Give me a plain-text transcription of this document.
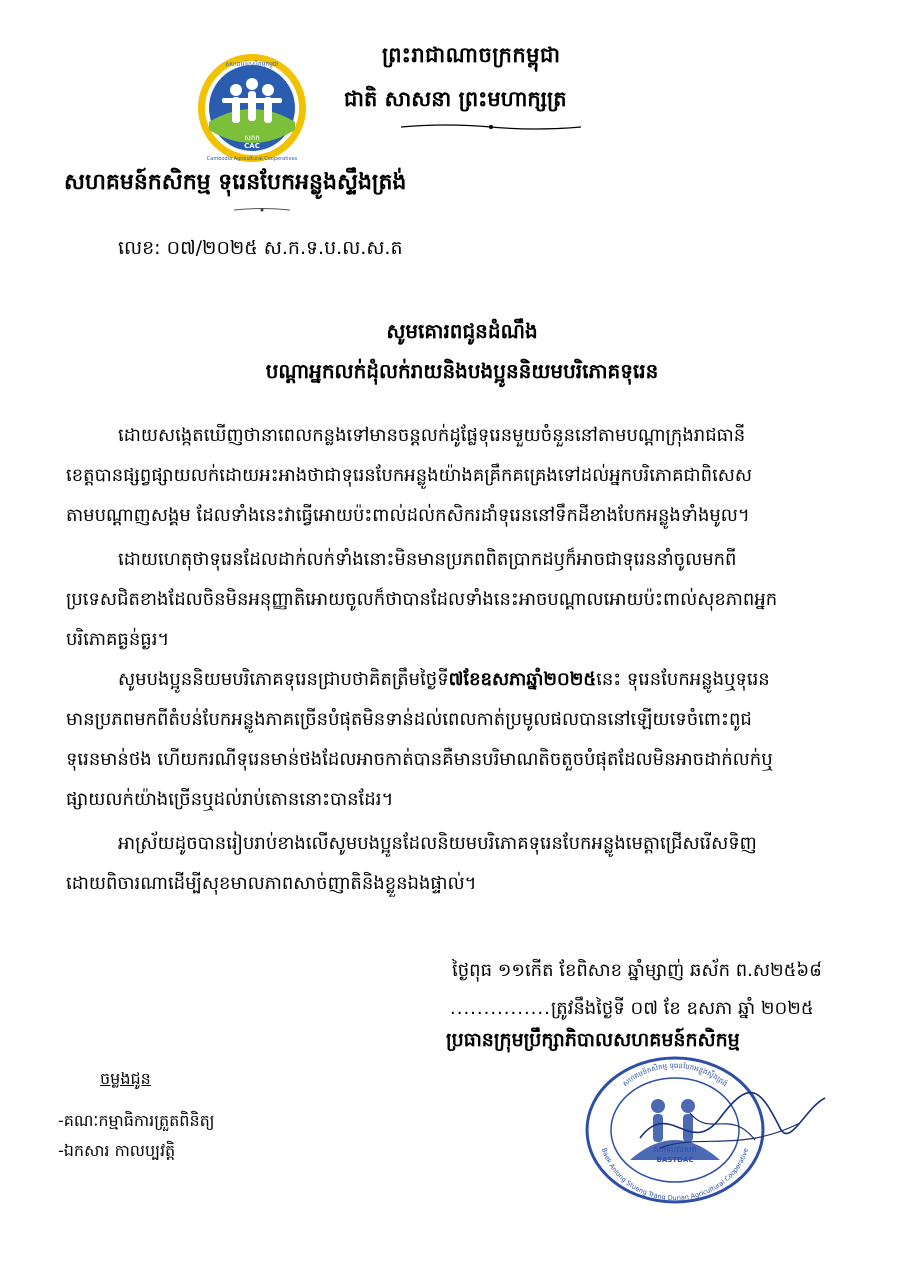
សកក
CAC
សហគមន៍កសិកម្មកម្ពុជា
Cambodia Agricultural Cooperatives
ព្រះរាជាណាចក្រកម្ពុជា
ជាតិ សាសនា ព្រះមហាក្សត្រ
សហគមន៍កសិកម្ម ទុរេនបែកអន្លូងស្ទឹងត្រង់
លេខ: ០៧/២០២៥ ស.ក.ទ.ប.ល.ស.ត
សូមគោរពជូនដំណឹង
បណ្តាអ្នកលក់ដុំលក់រាយនិងបងប្អូននិយមបរិភោគទុរេន
ដោយសង្កេតឃើញថានាពេលកន្លងទៅមានចន្តលក់ដូផ្លែទុរេនមួយចំនួននៅតាមបណ្តាក្រុងរាជធានី
ខេត្តបានផ្សព្វផ្សាយលក់ដោយអះអាងថាជាទុរេនបែកអន្លូងយ៉ាងគគ្រឹកគគ្រេងទៅដល់អ្នកបរិភោគជាពិសេស
តាមបណ្តាញសង្គម ដែលទាំងនេះវាធ្វើអោយប៉ះពាល់ដល់កសិករដាំទុរេននៅទឹកដីខាងបែកអន្លូងទាំងមូល។
ដោយហេតុថាទុរេនដែលដាក់លក់ទាំងនោះមិនមានប្រភពពិតប្រាកដឫក៏អាចជាទុរេននាំចូលមកពី
ប្រទេសជិតខាងដែលចិនមិនអនុញ្ញាតិអោយចូលក៏ថាបានដែលទាំងនេះអាចបណ្តាលអោយប៉ះពាល់សុខភាពអ្នក
បរិភោគធ្ងន់ធ្ងរ។
សូមបងប្អូននិយមបរិភោគទុរេនជ្រាបថាគិតត្រឹមថ្ងៃទី៧ខែឧសភាឆ្នាំ២០២៥នេះ ទុរេនបែកអន្លូងឬទុរេន
មានប្រភពមកពីតំបន់បែកអន្លូងភាគច្រើនបំផុតមិនទាន់ដល់ពេលកាត់ប្រមូលផលបាននៅឡើយទេចំពោះពូជ
ទុរេនមាន់ថង ហើយករណីទុរេនមាន់ថងដែលអាចកាត់បានគឺមានបរិមាណតិចតួចបំផុតដែលមិនអាចដាក់លក់ឬ
ផ្សាយលក់យ៉ាងច្រើនឬដល់រាប់តោននោះបានដែរ។
អាស្រ័យដូចបានរៀបរាប់ខាងលើសូមបងប្អូនដែលនិយមបរិភោគទុរេនបែកអន្លូងមេត្តាជ្រើសរើសទិញ
ដោយពិចារណាដើម្បីសុខមាលភាពសាច់ញាតិនិងខ្លួនឯងផ្ទាល់។
ថ្ងៃពុធ ១១កើត ខែពិសាខ ឆ្នាំម្សាញ់ ឆស័ក ព.ស២៥៦៨
...............ត្រូវនឹងថ្ងៃទី ០៧ ខែ ឧសភា ឆ្នាំ ២០២៥
ប្រធានក្រុមប្រឹក្សាភិបាលសហគមន៍កសិកម្ម
សហគមន៍កសិកម្ម ទុរេនបែកអន្លូងស្ទឹងត្រង់
សកទបលសត
BASTDAC
Baek Anlong Stueng Trang Durian Agricultural Cooperative
ចម្លងជូន
-គណៈកម្មាធិការត្រួតពិនិត្យ
-ឯកសារ កាលប្បវត្តិ
